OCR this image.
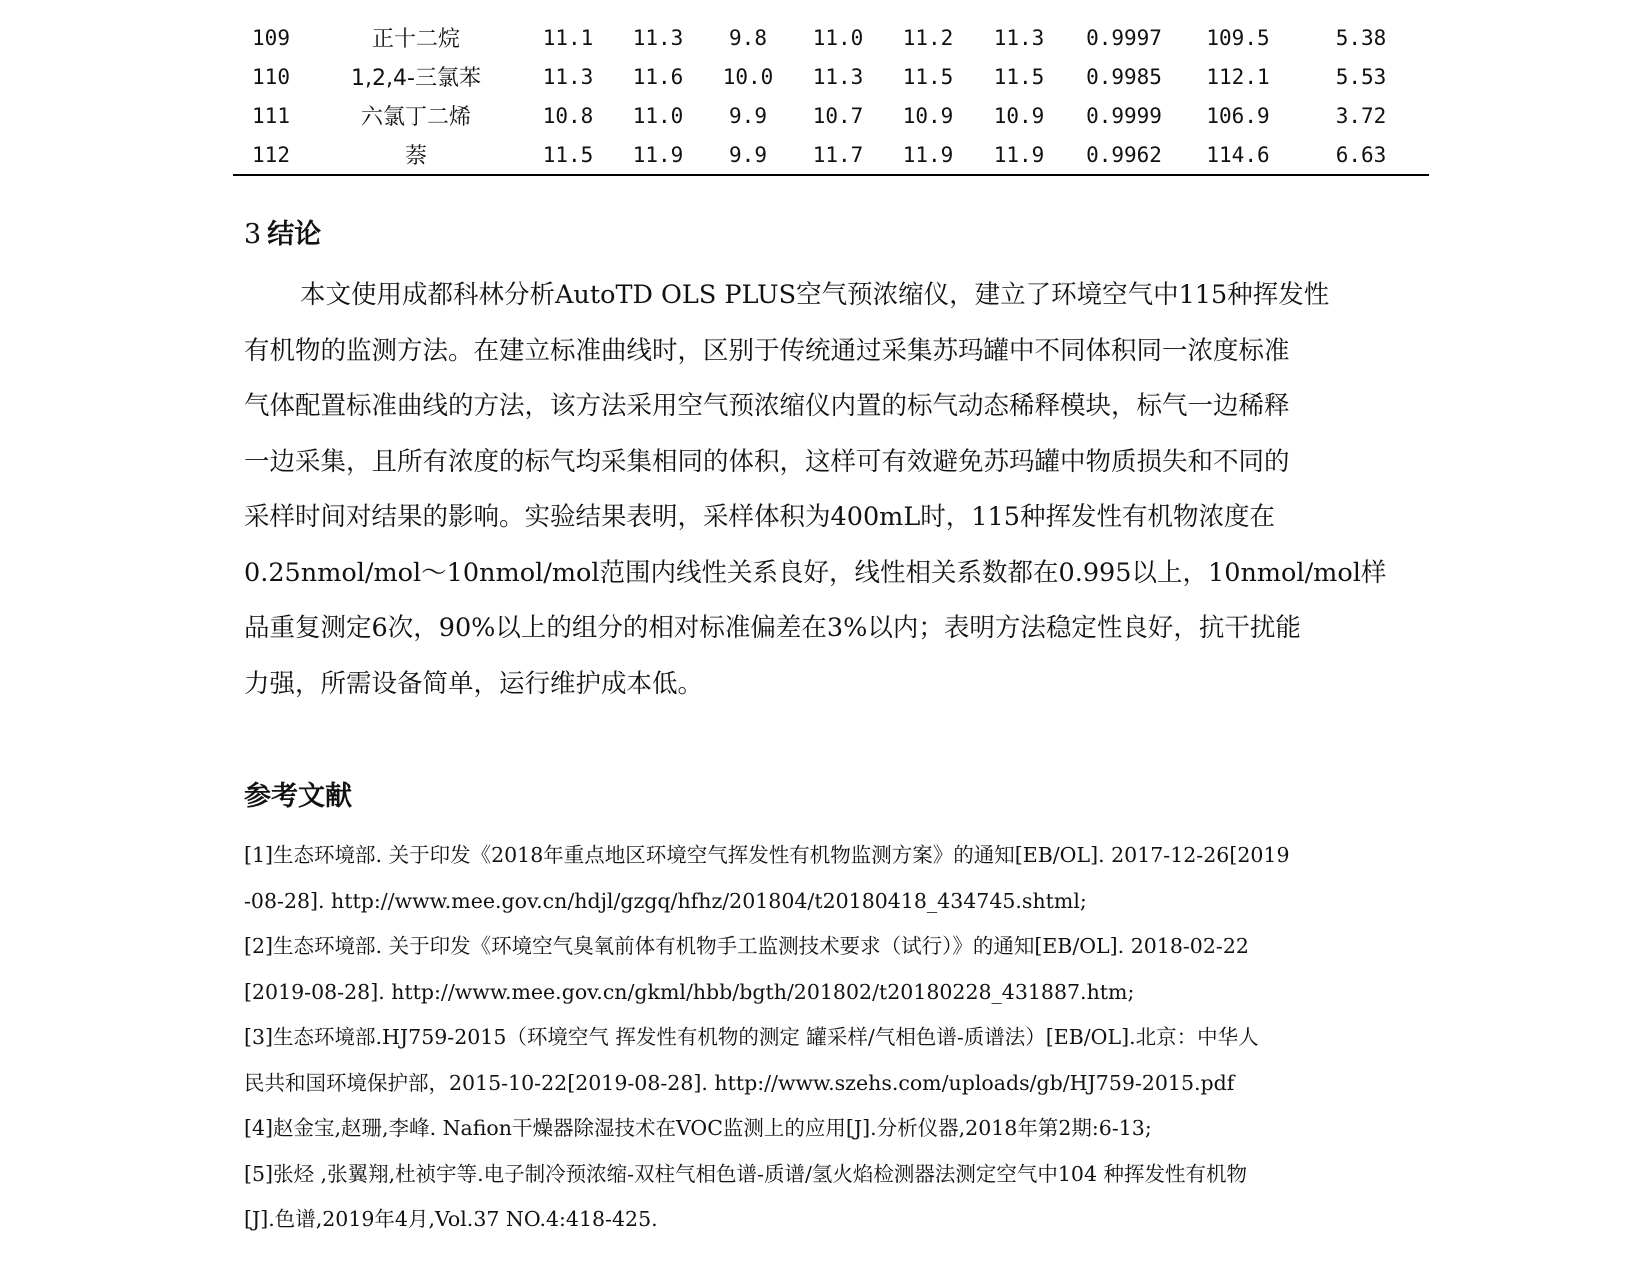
109	正十二烷	11.1	11.3	9.8	11.0	11.2	11.3	0.9997	109.5	5.38
110	1,2,4-三氯苯	11.3	11.6	10.0	11.3	11.5	11.5	0.9985	112.1	5.53
111	六氯丁二烯	10.8	11.0	9.9	10.7	10.9	10.9	0.9999	106.9	3.72
112	萘	11.5	11.9	9.9	11.7	11.9	11.9	0.9962	114.6	6.63
3 结论
本文使用成都科林分析AutoTD OLS PLUS空气预浓缩仪，建立了环境空气中115种挥发性
有机物的监测方法。在建立标准曲线时，区别于传统通过采集苏玛罐中不同体积同一浓度标准
气体配置标准曲线的方法，该方法采用空气预浓缩仪内置的标气动态稀释模块，标气一边稀释
一边采集，且所有浓度的标气均采集相同的体积，这样可有效避免苏玛罐中物质损失和不同的
采样时间对结果的影响。实验结果表明，采样体积为400mL时，115种挥发性有机物浓度在
0.25nmol/mol～10nmol/mol范围内线性关系良好，线性相关系数都在0.995以上，10nmol/mol样
品重复测定6次，90%以上的组分的相对标准偏差在3%以内；表明方法稳定性良好，抗干扰能
力强，所需设备简单，运行维护成本低。
参考文献
[1]生态环境部. 关于印发《2018年重点地区环境空气挥发性有机物监测方案》的通知[EB/OL]. 2017-12-26[2019
-08-28]. http://www.mee.gov.cn/hdjl/gzgq/hfhz/201804/t20180418_434745.shtml;
[2]生态环境部. 关于印发《环境空气臭氧前体有机物手工监测技术要求（试行）》的通知[EB/OL]. 2018-02-22
[2019-08-28]. http://www.mee.gov.cn/gkml/hbb/bgth/201802/t20180228_431887.htm;
[3]生态环境部.HJ759-2015（环境空气 挥发性有机物的测定 罐采样/气相色谱-质谱法）[EB/OL].北京：中华人
民共和国环境保护部，2015-10-22[2019-08-28]. http://www.szehs.com/uploads/gb/HJ759-2015.pdf
[4]赵金宝,赵珊,李峰. Nafion干燥器除湿技术在VOC监测上的应用[J].分析仪器,2018年第2期:6-13;
[5]张烃 ,张翼翔,杜祯宇等.电子制冷预浓缩-双柱气相色谱-质谱/氢火焰检测器法测定空气中104 种挥发性有机物
[J].色谱,2019年4月,Vol.37 NO.4:418-425.
